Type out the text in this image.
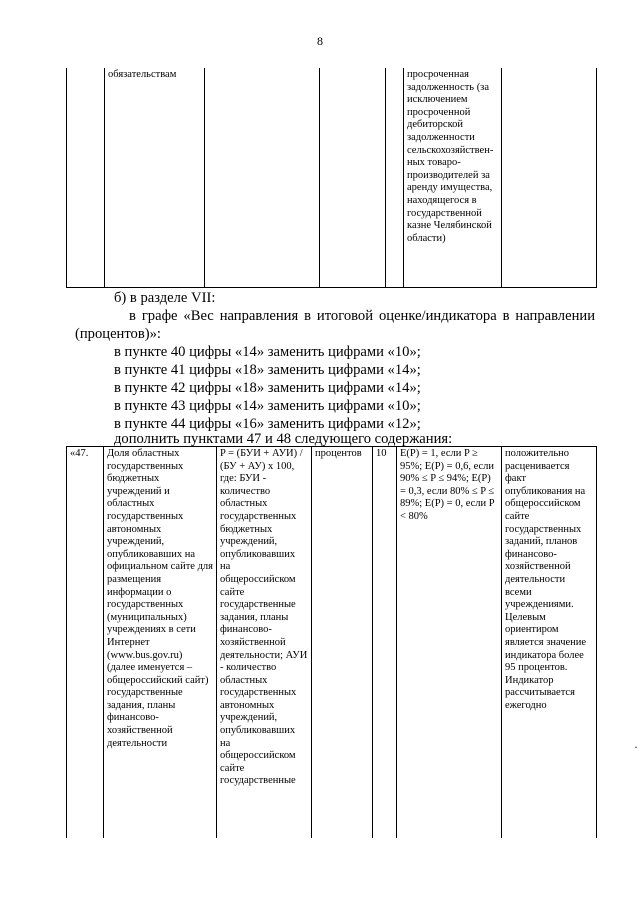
8
	обязательствам				просроченная задолженность (за исключением просроченной дебиторской задолженности сельскохозяйствен-ных товаро-производителей за аренду имущества, находящегося в государственной казне Челябинской области)	
б) в разделе VII:
в графе «Вес направления в итоговой оценке/индикатора в направлении
(процентов)»:
в пункте 40 цифры «14» заменить цифрами «10»;
в пункте 41 цифры «18» заменить цифрами «14»;
в пункте 42 цифры «18» заменить цифрами «14»;
в пункте 43 цифры «14» заменить цифрами «10»;
в пункте 44 цифры «16» заменить цифрами «12»;
дополнить пунктами 47 и 48 следующего содержания:
«47.	Доля областных государственных бюджетных учреждений и областных государственных автономных учреждений, опубликовавших на официальном сайте для размещения информации о государственных (муниципальных) учреждениях в сети Интернет (www.bus.gov.ru) (далее именуется – общероссийский сайт) государственные задания, планы финансово-хозяйственной деятельности	P = (БУИ + АУИ) / (БУ + АУ) x 100, где: БУИ - количество областных государственных бюджетных учреждений, опубликовавших на общероссийском сайте государственные задания, планы финансово-хозяйственной деятельности; АУИ - количество областных государственных автономных учреждений, опубликовавших на общероссийском сайте государственные	процентов	10	E(P) = 1, если P ≥ 95%; E(P) = 0,6, если 90% ≤ P ≤ 94%; E(P) = 0,3, если 80% ≤ P ≤ 89%; E(P) = 0, если P < 80%	положительно расценивается факт опубликования на общероссийском сайте государственных заданий, планов финансово-хозяйственной деятельности всеми учреждениями. Целевым ориентиром является значение индикатора более 95 процентов. Индикатор рассчитывается ежегодно
·
